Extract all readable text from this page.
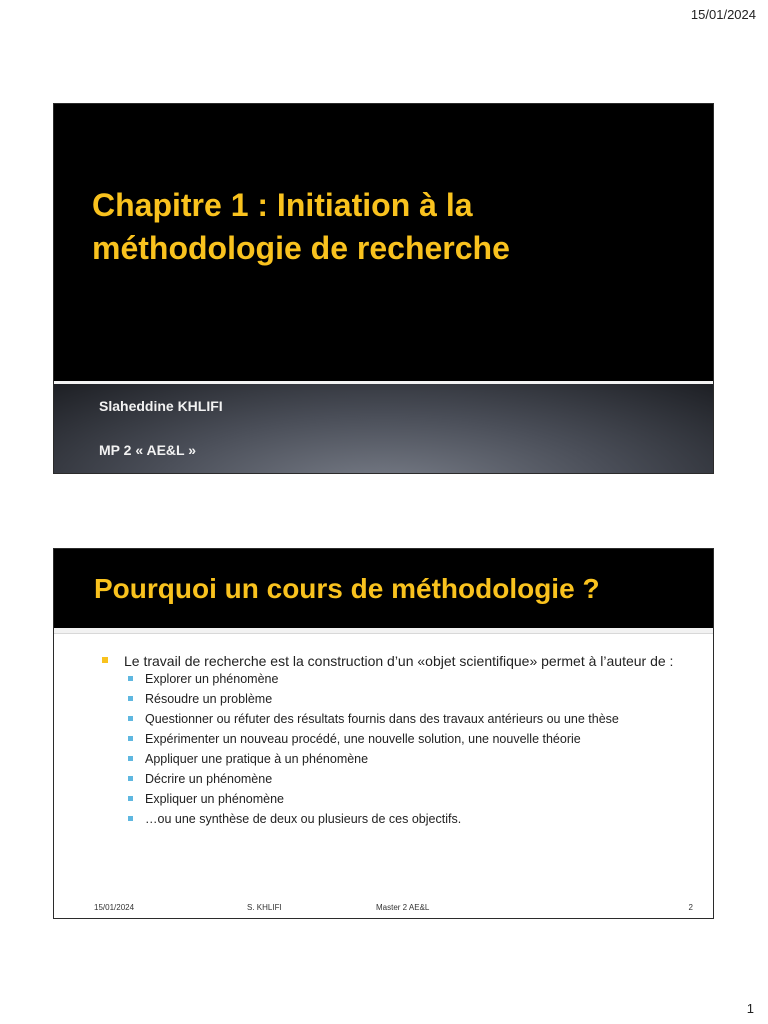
15/01/2024
Chapitre 1 : Initiation à la
méthodologie de recherche

Slaheddine KHLIFI

MP 2 « AE&L »

Pourquoi un cours de méthodologie ?
Le travail de recherche est la construction d’un «objet scientifique» permet à l’auteur de :
Explorer un phénomène
Résoudre un problème
Questionner ou réfuter des résultats fournis dans des travaux antérieurs ou une thèse
Expérimenter un nouveau procédé, une nouvelle solution, une nouvelle théorie
Appliquer une pratique à un phénomène
Décrire un phénomène
Expliquer un phénomène
…ou une synthèse de deux ou plusieurs de ces objectifs.
15/01/2024	S. KHLIFI	Master 2 AE&L	2
1
